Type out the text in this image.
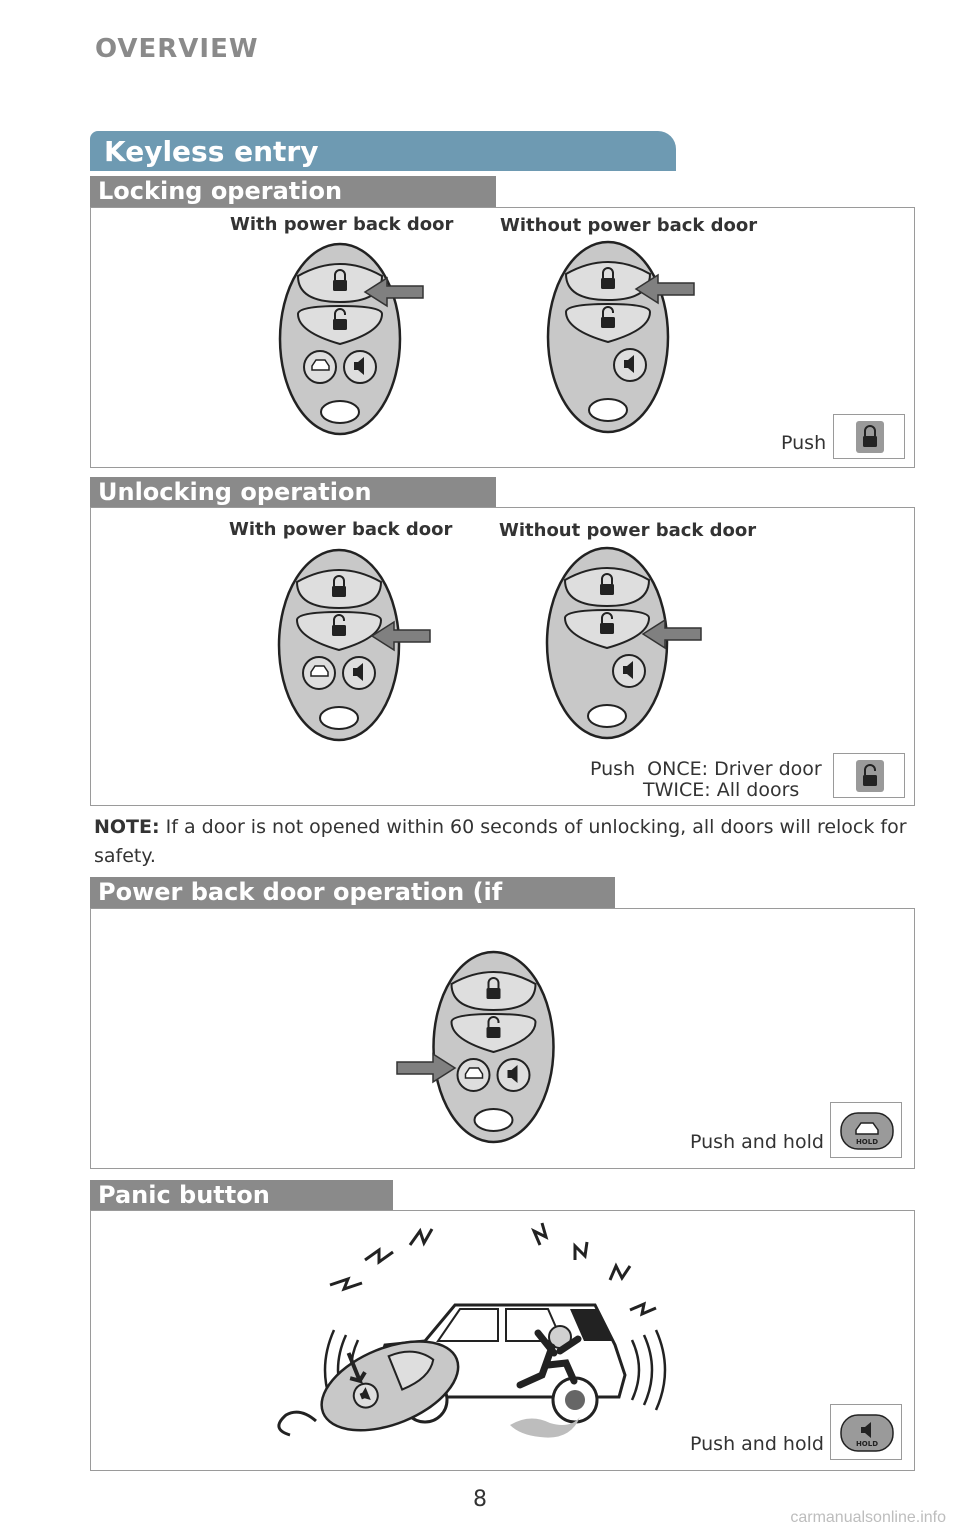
OVERVIEW
Keyless entry
Locking operation
With power back door	Without power back door
Push
Unlocking operation
With power back door	Without power back door
Push  ONCE: Driver door
TWICE: All doors
NOTE: If a door is not opened within 60 seconds of unlocking, all doors will relock for safety.
Power back door operation (if
Push and hold	HOLD
Panic button
Push and hold	HOLD
8
carmanualsonline.info
